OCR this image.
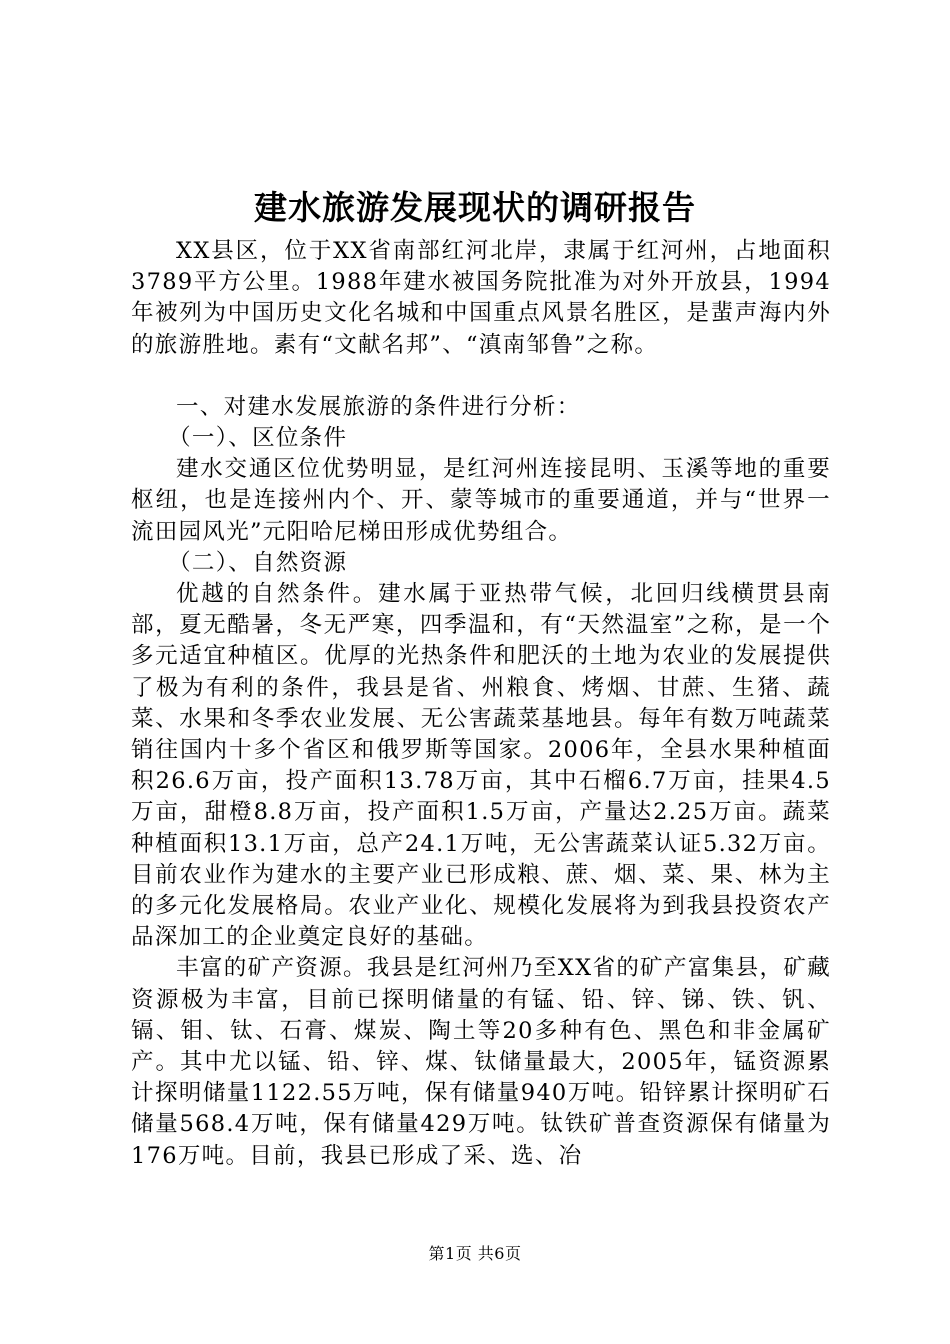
建水旅游发展现状的调研报告

XX县区，位于XX省南部红河北岸，隶属于红河州，占地面积3789平方公里。1988年建水被国务院批准为对外开放县，1994年被列为中国历史文化名城和中国重点风景名胜区，是蜚声海内外的旅游胜地。素有“文献名邦”、“滇南邹鲁”之称。

一、对建水发展旅游的条件进行分析：

（一）、区位条件

建水交通区位优势明显，是红河州连接昆明、玉溪等地的重要枢纽，也是连接州内个、开、蒙等城市的重要通道，并与“世界一流田园风光”元阳哈尼梯田形成优势组合。

（二）、自然资源

优越的自然条件。建水属于亚热带气候，北回归线横贯县南部，夏无酷暑，冬无严寒，四季温和，有“天然温室”之称，是一个多元适宜种植区。优厚的光热条件和肥沃的土地为农业的发展提供了极为有利的条件，我县是省、州粮食、烤烟、甘蔗、生猪、蔬菜、水果和冬季农业发展、无公害蔬菜基地县。每年有数万吨蔬菜销往国内十多个省区和俄罗斯等国家。2006年，全县水果种植面积26.6万亩，投产面积13.78万亩，其中石榴6.7万亩，挂果4.5万亩，甜橙8.8万亩，投产面积1.5万亩，产量达2.25万亩。蔬菜种植面积13.1万亩，总产24.1万吨，无公害蔬菜认证5.32万亩。目前农业作为建水的主要产业已形成粮、蔗、烟、菜、果、林为主的多元化发展格局。农业产业化、规模化发展将为到我县投资农产品深加工的企业奠定良好的基础。

丰富的矿产资源。我县是红河州乃至XX省的矿产富集县，矿藏资源极为丰富，目前已探明储量的有锰、铅、锌、锑、铁、钒、镉、钼、钛、石膏、煤炭、陶土等20多种有色、黑色和非金属矿产。其中尤以锰、铅、锌、煤、钛储量最大，2005年，锰资源累计探明储量1122.55万吨，保有储量940万吨。铅锌累计探明矿石储量568.4万吨，保有储量429万吨。钛铁矿普查资源保有储量为176万吨。目前，我县已形成了采、选、冶

第1页 共6页
